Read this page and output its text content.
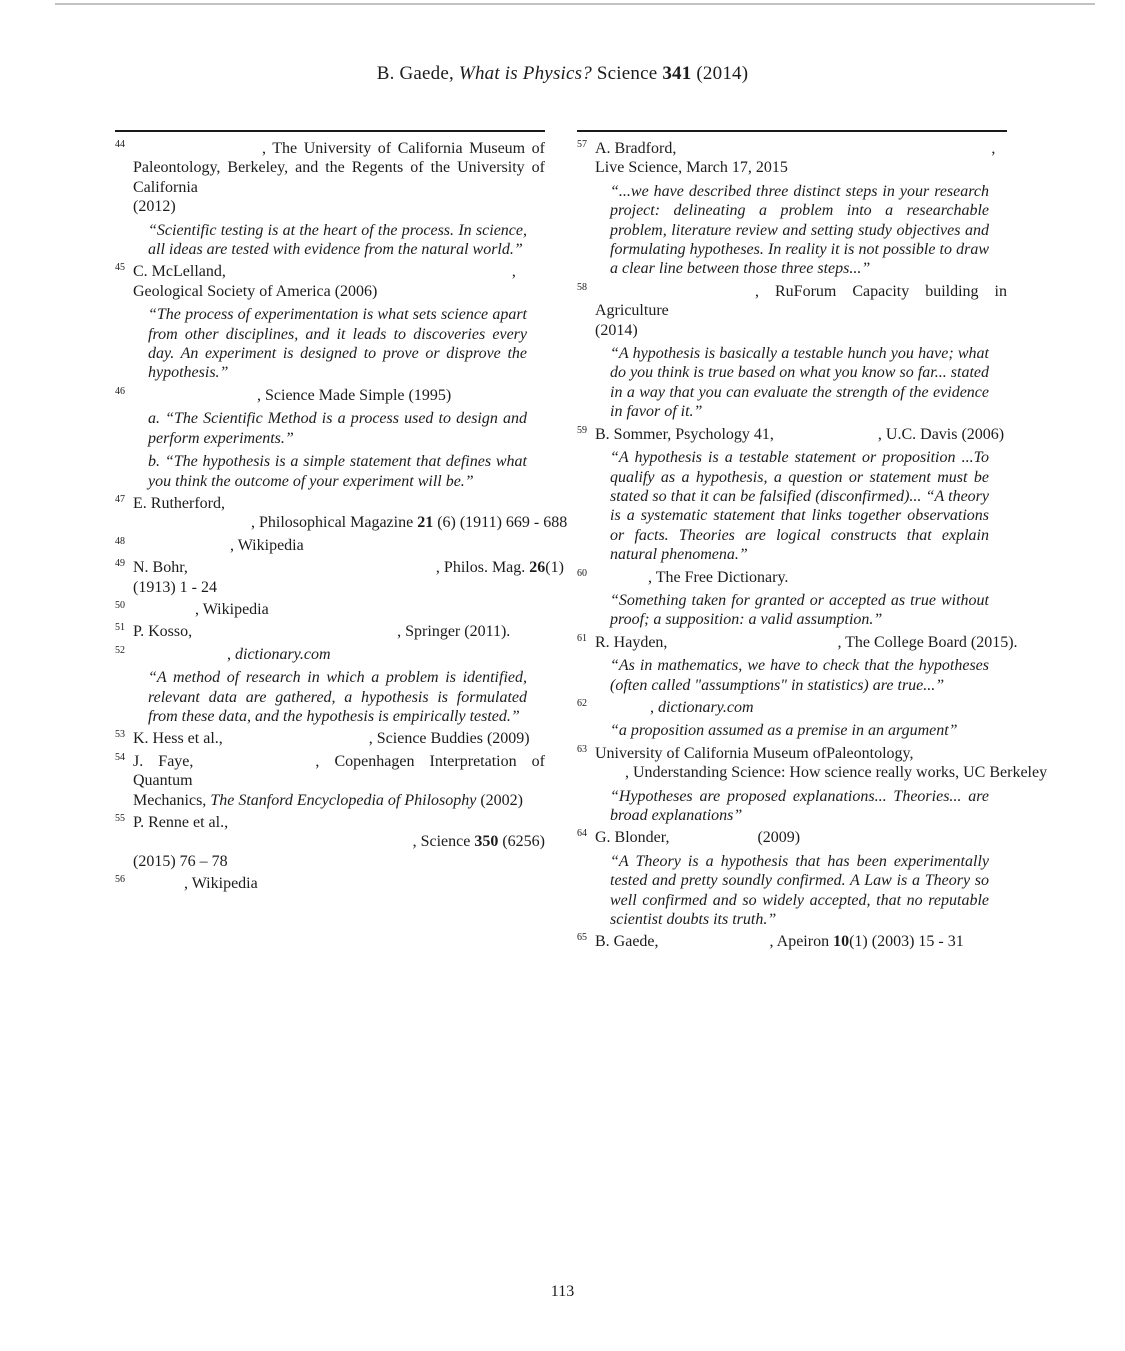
B. Gaede, What is Physics? Science 341 (2014)
44	, The University of California Museum of
Paleontology, Berkeley, and the Regents of the University of California
(2012)
“Scientific testing is at the heart of the process. In science, all ideas are tested with evidence from the natural world.”
45 C. McLelland,	,
Geological Society of America (2006)
“The process of experimentation is what sets science apart from other disciplines, and it leads to discoveries every day. An experiment is designed to prove or disprove the hypothesis.”
46	, Science Made Simple (1995)
a. “The Scientific Method is a process used to design and perform experiments.”
b. “The hypothesis is a simple statement that defines what you think the outcome of your experiment will be.”
47 E. Rutherford,
, Philosophical Magazine 21 (6) (1911) 669 - 688
48	, Wikipedia
49 N. Bohr,	, Philos. Mag. 26(1)
(1913) 1 - 24
50	, Wikipedia
51 P. Kosso,	, Springer (2011).
52	, dictionary.com
“A method of research in which a problem is identified, relevant data are gathered, a hypothesis is formulated from these data, and the hypothesis is empirically tested.”
53 K. Hess et al.,	, Science Buddies (2009)
54 J. Faye,	, Copenhagen Interpretation of Quantum
Mechanics, The Stanford Encyclopedia of Philosophy (2002)
55 P. Renne et al.,
, Science 350 (6256)
(2015) 76 – 78
56	, Wikipedia
57 A. Bradford,	,
Live Science, March 17, 2015
“...we have described three distinct steps in your research project: delineating a problem into a researchable problem, literature review and setting study objectives and formulating hypotheses. In reality it is not possible to draw a clear line between those three steps...”
58	, RuForum Capacity building in Agriculture
(2014)
“A hypothesis is basically a testable hunch you have; what do you think is true based on what you know so far... stated in a way that you can evaluate the strength of the evidence in favor of it.”
59 B. Sommer, Psychology 41,	, U.C. Davis (2006)
“A hypothesis is a testable statement or proposition ...To qualify as a hypothesis, a question or statement must be stated so that it can be falsified (disconfirmed)... “A theory is a systematic statement that links together observations or facts. Theories are logical constructs that explain natural phenomena.”
60	, The Free Dictionary.
“Something taken for granted or accepted as true without proof; a supposition: a valid assumption.”
61 R. Hayden,	, The College Board (2015).
“As in mathematics, we have to check that the hypotheses (often called "assumptions" in statistics) are true...”
62	, dictionary.com
“a proposition assumed as a premise in an argument”
63 University of California Museum ofPaleontology,
, Understanding Science: How science really works, UC Berkeley
“Hypotheses are proposed explanations... Theories... are broad explanations”
64 G. Blonder,	(2009)
“A Theory is a hypothesis that has been experimentally tested and pretty soundly confirmed. A Law is a Theory so well confirmed and so widely accepted, that no reputable scientist doubts its truth.”
65 B. Gaede,	, Apeiron 10(1) (2003) 15 - 31
113
